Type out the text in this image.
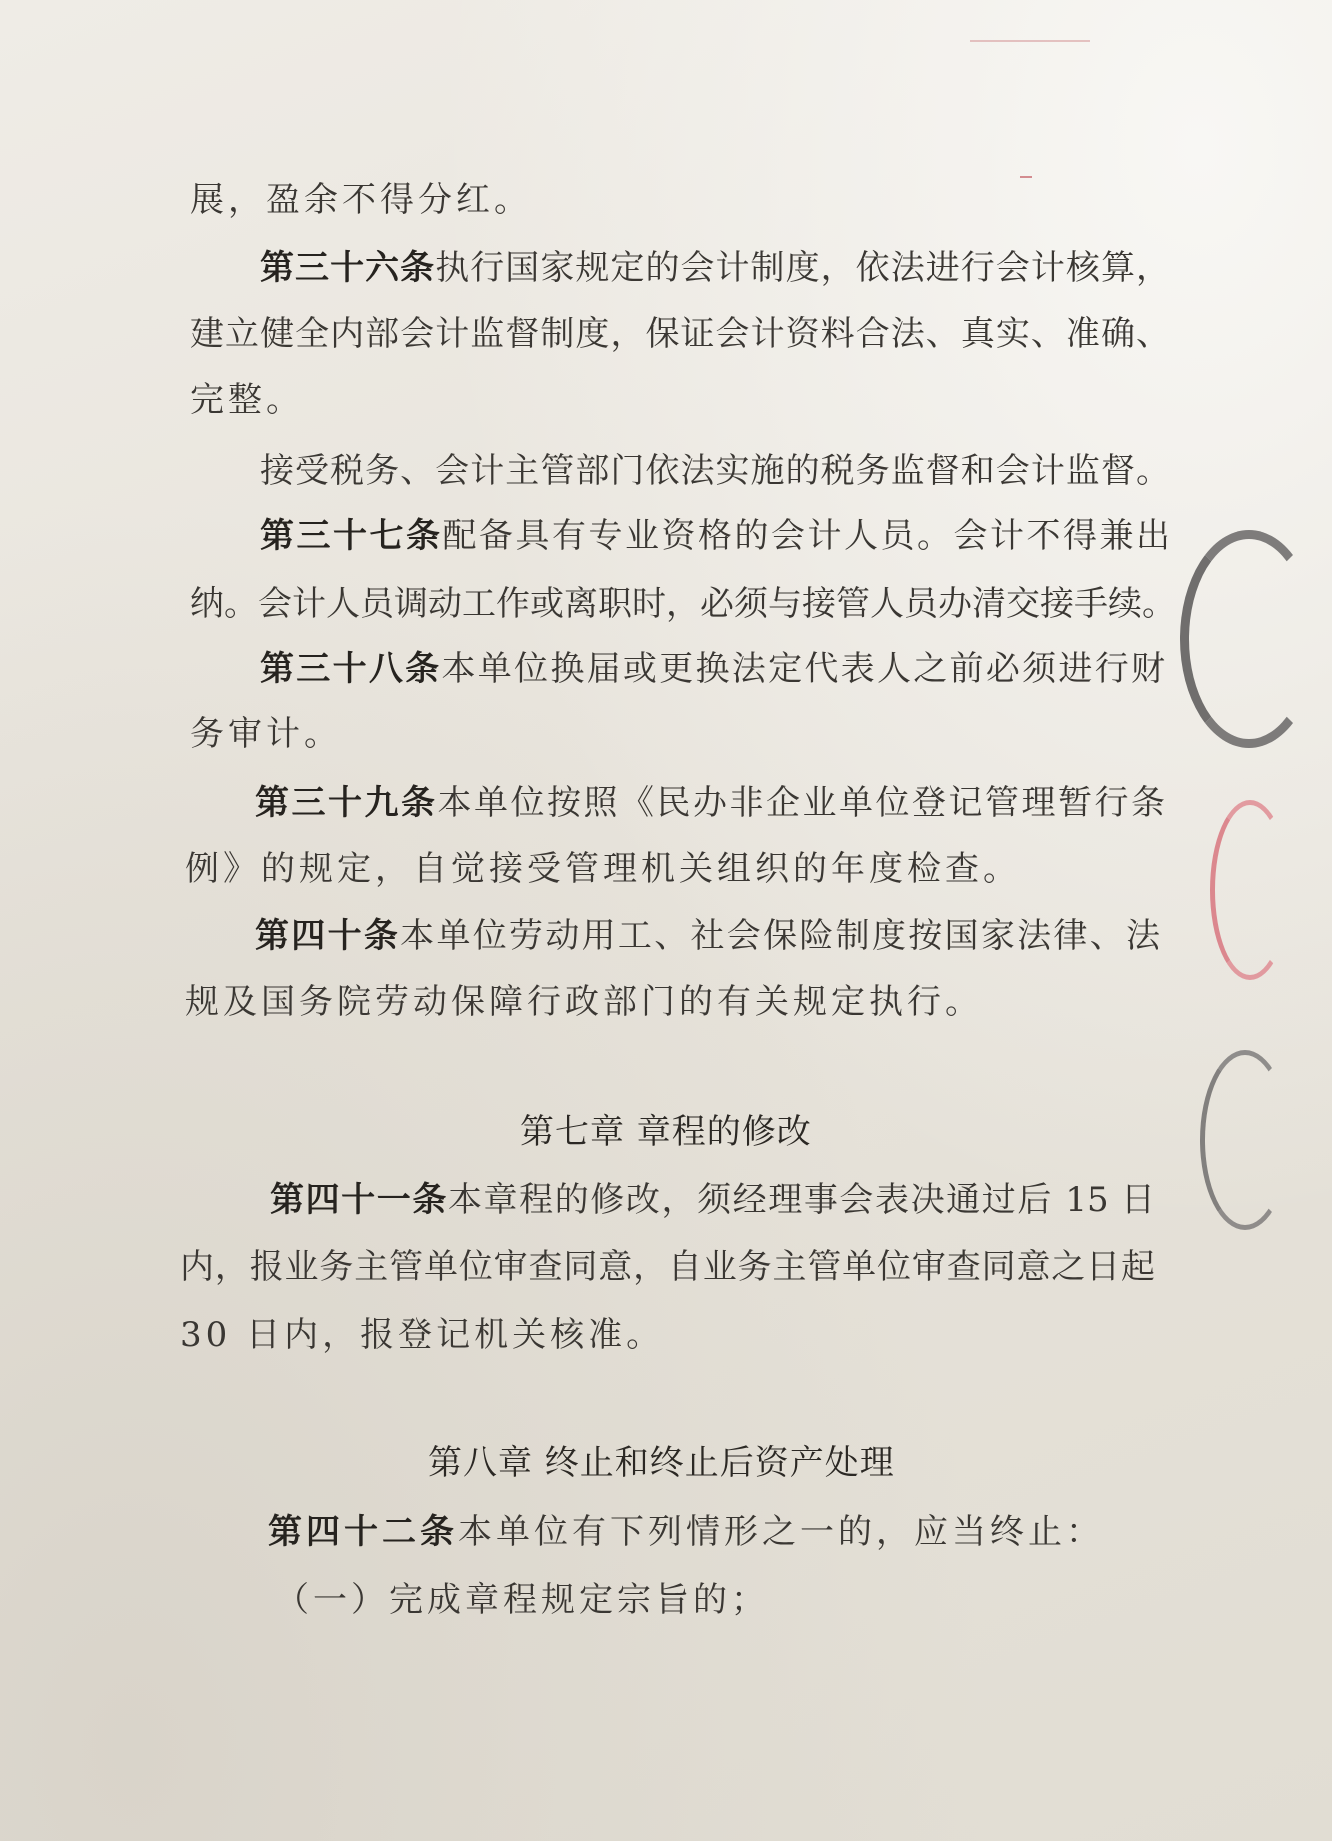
展，盈余不得分红。
第三十六条执行国家规定的会计制度，依法进行会计核算，
建立健全内部会计监督制度，保证会计资料合法、真实、准确、
完整。
接受税务、会计主管部门依法实施的税务监督和会计监督。
第三十七条配备具有专业资格的会计人员。会计不得兼出
纳。会计人员调动工作或离职时，必须与接管人员办清交接手续。
第三十八条本单位换届或更换法定代表人之前必须进行财
务审计。
第三十九条本单位按照《民办非企业单位登记管理暂行条
例》的规定，自觉接受管理机关组织的年度检查。
第四十条本单位劳动用工、社会保险制度按国家法律、法
规及国务院劳动保障行政部门的有关规定执行。
第七章 章程的修改
第四十一条本章程的修改，须经理事会表决通过后 15 日
内，报业务主管单位审查同意，自业务主管单位审查同意之日起
30 日内，报登记机关核准。
第八章 终止和终止后资产处理
第四十二条本单位有下列情形之一的，应当终止：
（一）完成章程规定宗旨的；
